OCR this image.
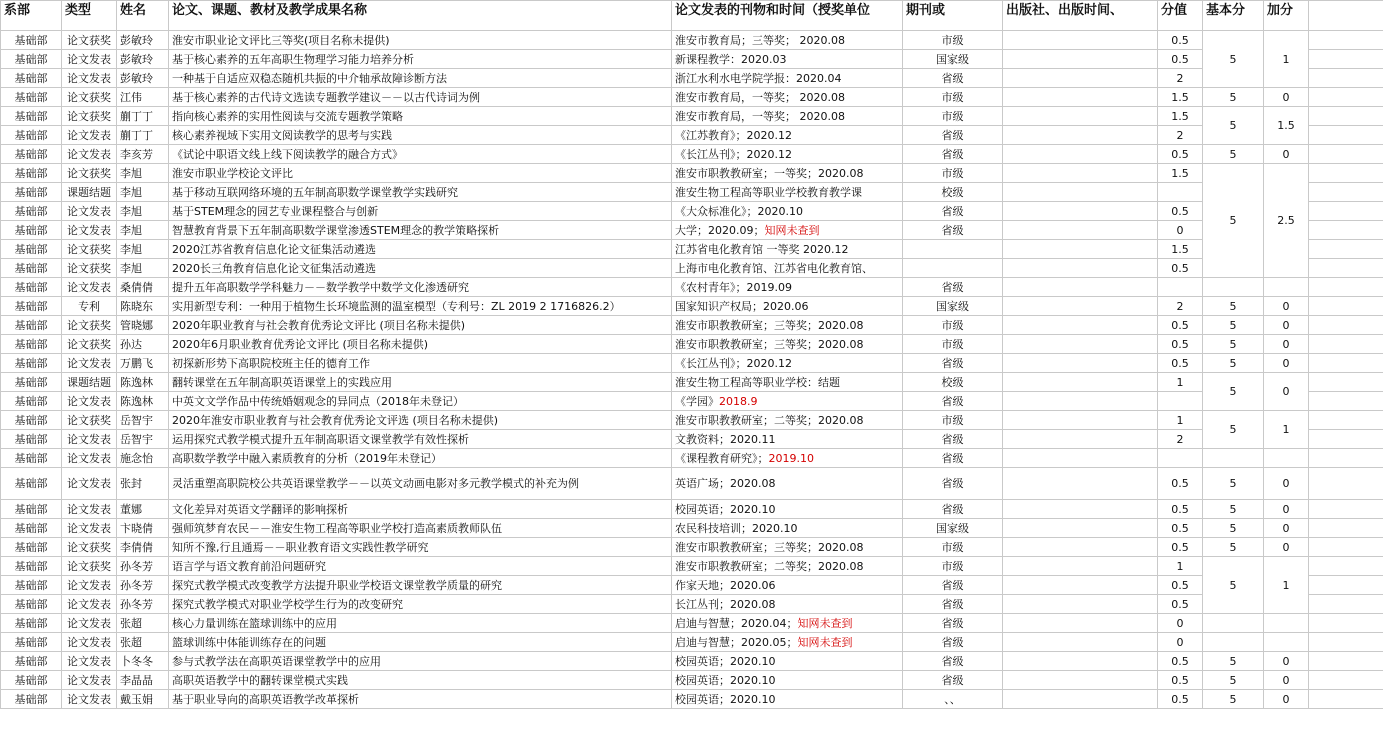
系部	类型	姓名	论文、课题、教材及教学成果名称	论文发表的刊物和时间（授奖单位	期刊或	出版社、出版时间、	分值	基本分	加分	
基础部	论文获奖	彭敏玲	淮安市职业论文评比三等奖(项目名称未提供)	淮安市教育局；三等奖； 2020.08	市级		0.5	5	1	
基础部	论文发表	彭敏玲	基于核心素养的五年高职生物理学习能力培养分析	新课程教学：2020.03	国家级		0.5			
基础部	论文发表	彭敏玲	一种基于自适应双稳态随机共振的中介轴承故障诊断方法	浙江水利水电学院学报：2020.04	省级		2			
基础部	论文获奖	江伟	基于核心素养的古代诗文选读专题教学建议－－以古代诗词为例	淮安市教育局，一等奖； 2020.08	市级		1.5	5	0	
基础部	论文获奖	蒯丁丁	指向核心素养的实用性阅读与交流专题教学策略	淮安市教育局，一等奖； 2020.08	市级		1.5	5	1.5	
基础部	论文发表	蒯丁丁	核心素养视域下实用文阅读教学的思考与实践	《江苏教育》；2020.12	省级		2			
基础部	论文发表	李亥芳	《试论中职语文线上线下阅读教学的融合方式》	《长江丛刊》；2020.12	省级		0.5	5	0	
基础部	论文获奖	李旭	淮安市职业学校论文评比	淮安市职教教研室；一等奖；2020.08	市级		1.5	5	2.5	
基础部	课题结题	李旭	基于移动互联网络环境的五年制高职数学课堂教学实践研究	淮安生物工程高等职业学校教育教学课	校级					
基础部	论文发表	李旭	基于STEM理念的园艺专业课程整合与创新	《大众标准化》；2020.10	省级		0.5			
基础部	论文发表	李旭	智慧教育背景下五年制高职数学课堂渗透STEM理念的教学策略探析	大学；2020.09；知网未查到	省级		0			
基础部	论文获奖	李旭	2020江苏省教育信息化论文征集活动遴选	江苏省电化教育馆 一等奖 2020.12			1.5			
基础部	论文获奖	李旭	2020长三角教育信息化论文征集活动遴选	上海市电化教育馆、江苏省电化教育馆、			0.5			
基础部	论文发表	桑倩倩	提升五年高职数学学科魅力－－数学教学中数学文化渗透研究	《农村青年》；2019.09	省级					
基础部	专利	陈晓东	实用新型专利：一种用于植物生长环境监测的温室模型（专利号：ZL 2019 2 1716826.2）	国家知识产权局；2020.06	国家级		2	5	0	
基础部	论文获奖	管晓娜	2020年职业教育与社会教育优秀论文评比 (项目名称未提供)	淮安市职教教研室；三等奖；2020.08	市级		0.5	5	0	
基础部	论文获奖	孙达	2020年6月职业教育优秀论文评比 (项目名称未提供)	淮安市职教教研室；三等奖；2020.08	市级		0.5	5	0	
基础部	论文发表	万鹏飞	初探新形势下高职院校班主任的德育工作	《长江丛刊》；2020.12	省级		0.5	5	0	
基础部	课题结题	陈逸林	翻转课堂在五年制高职英语课堂上的实践应用	淮安生物工程高等职业学校：结题	校级		1	5	0	
基础部	论文发表	陈逸林	中英文文学作品中传统婚姻观念的异同点（2018年未登记）	《学园》2018.9	省级					
基础部	论文获奖	岳智宇	2020年淮安市职业教育与社会教育优秀论文评选 (项目名称未提供)	淮安市职教教研室；二等奖；2020.08	市级		1	5	1	
基础部	论文发表	岳智宇	运用探究式教学模式提升五年制高职语文课堂教学有效性探析	文教资料；2020.11	省级		2			
基础部	论文发表	施念怡	高职数学教学中融入素质教育的分析（2019年未登记）	《课程教育研究》；2019.10	省级					
基础部	论文发表	张封	灵活重塑高职院校公共英语课堂教学－－以英文动画电影对多元教学模式的补充为例	英语广场；2020.08	省级		0.5	5	0	
基础部	论文发表	董娜	文化差异对英语文学翻译的影响探析	校园英语；2020.10	省级		0.5	5	0	
基础部	论文发表	卞晓倩	强师筑梦育农民－－淮安生物工程高等职业学校打造高素质教师队伍	农民科技培训；2020.10	国家级		0.5	5	0	
基础部	论文获奖	李倩倩	知所不豫,行且通焉－－职业教育语文实践性教学研究	淮安市职教教研室；三等奖；2020.08	市级		0.5	5	0	
基础部	论文获奖	孙冬芳	语言学与语文教育前沿问题研究	淮安市职教教研室；二等奖；2020.08	市级		1	5	1	
基础部	论文发表	孙冬芳	探究式教学模式改变教学方法提升职业学校语文课堂教学质量的研究	作家天地；2020.06	省级		0.5			
基础部	论文发表	孙冬芳	探究式教学模式对职业学校学生行为的改变研究	长江丛刊；2020.08	省级		0.5			
基础部	论文发表	张超	核心力量训练在篮球训练中的应用	启迪与智慧；2020.04；知网未查到	省级		0			
基础部	论文发表	张超	篮球训练中体能训练存在的问题	启迪与智慧；2020.05；知网未查到	省级		0			
基础部	论文发表	卜冬冬	参与式教学法在高职英语课堂教学中的应用	校园英语；2020.10	省级		0.5	5	0	
基础部	论文发表	李晶晶	高职英语教学中的翻转课堂模式实践	校园英语；2020.10	省级		0.5	5	0	
基础部	论文发表	戴玉娟	基于职业导向的高职英语教学改革探析	校园英语；2020.10	、、		0.5	5	0	
